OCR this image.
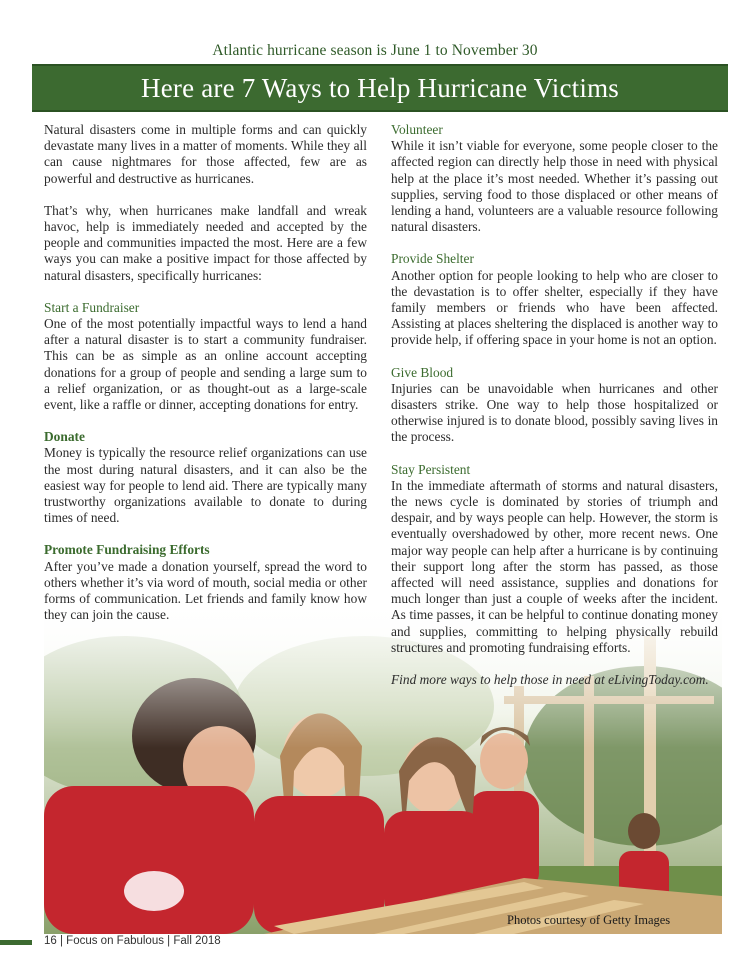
Atlantic hurricane season is June 1 to November 30
Here are 7 Ways to Help Hurricane Victims
Photos courtesy of Getty Images

Natural disasters come in multiple forms and can quickly devastate many lives in a matter of moments. While they all can cause nightmares for those affected, few are as powerful and destructive as hurricanes.

That’s why, when hurricanes make landfall and wreak havoc, help is immediately needed and accepted by the people and communities impacted the most. Here are a few ways you can make a positive impact for those affected by natural disasters, specifically hurricanes:

Start a Fundraiser

One of the most potentially impactful ways to lend a hand after a natural disaster is to start a community fundraiser. This can be as simple as an online account accepting donations for a group of people and sending a large sum to a relief organization, or as thought-out as a large-scale event, like a raffle or dinner, accepting donations for entry.

Donate

Money is typically the resource relief organizations can use the most during natural disasters, and it can also be the easiest way for people to lend aid. There are typically many trustworthy organizations available to donate to during times of need.

Promote Fundraising Efforts

After you’ve made a donation yourself, spread the word to others whether it’s via word of mouth, social media or other forms of communication. Let friends and family know how they can join the cause.

Volunteer

While it isn’t viable for everyone, some people closer to the affected region can directly help those in need with physical help at the place it’s most needed. Whether it’s passing out supplies, serving food to those displaced or other means of lending a hand, volunteers are a valuable resource following natural disasters.

Provide Shelter

Another option for people looking to help who are closer to the devastation is to offer shelter, especially if they have family members or friends who have been affected. Assisting at places sheltering the displaced is another way to provide help, if offering space in your home is not an option.

Give Blood

Injuries can be unavoidable when hurricanes and other disasters strike. One way to help those hospitalized or otherwise injured is to donate blood, possibly saving lives in the process.

Stay Persistent

In the immediate aftermath of storms and natural disasters, the news cycle is dominated by stories of triumph and despair, and by ways people can help. However, the storm is eventually overshadowed by other, more recent news. One major way people can help after a hurricane is by continuing their support long after the storm has passed, as those affected will need assistance, supplies and donations for much longer than just a couple of weeks after the incident. As time passes, it can be helpful to continue donating money and supplies, committing to helping physically rebuild structures and promoting fundraising efforts.

Find more ways to help those in need at eLivingToday.com.

16 | Focus on Fabulous | Fall 2018
